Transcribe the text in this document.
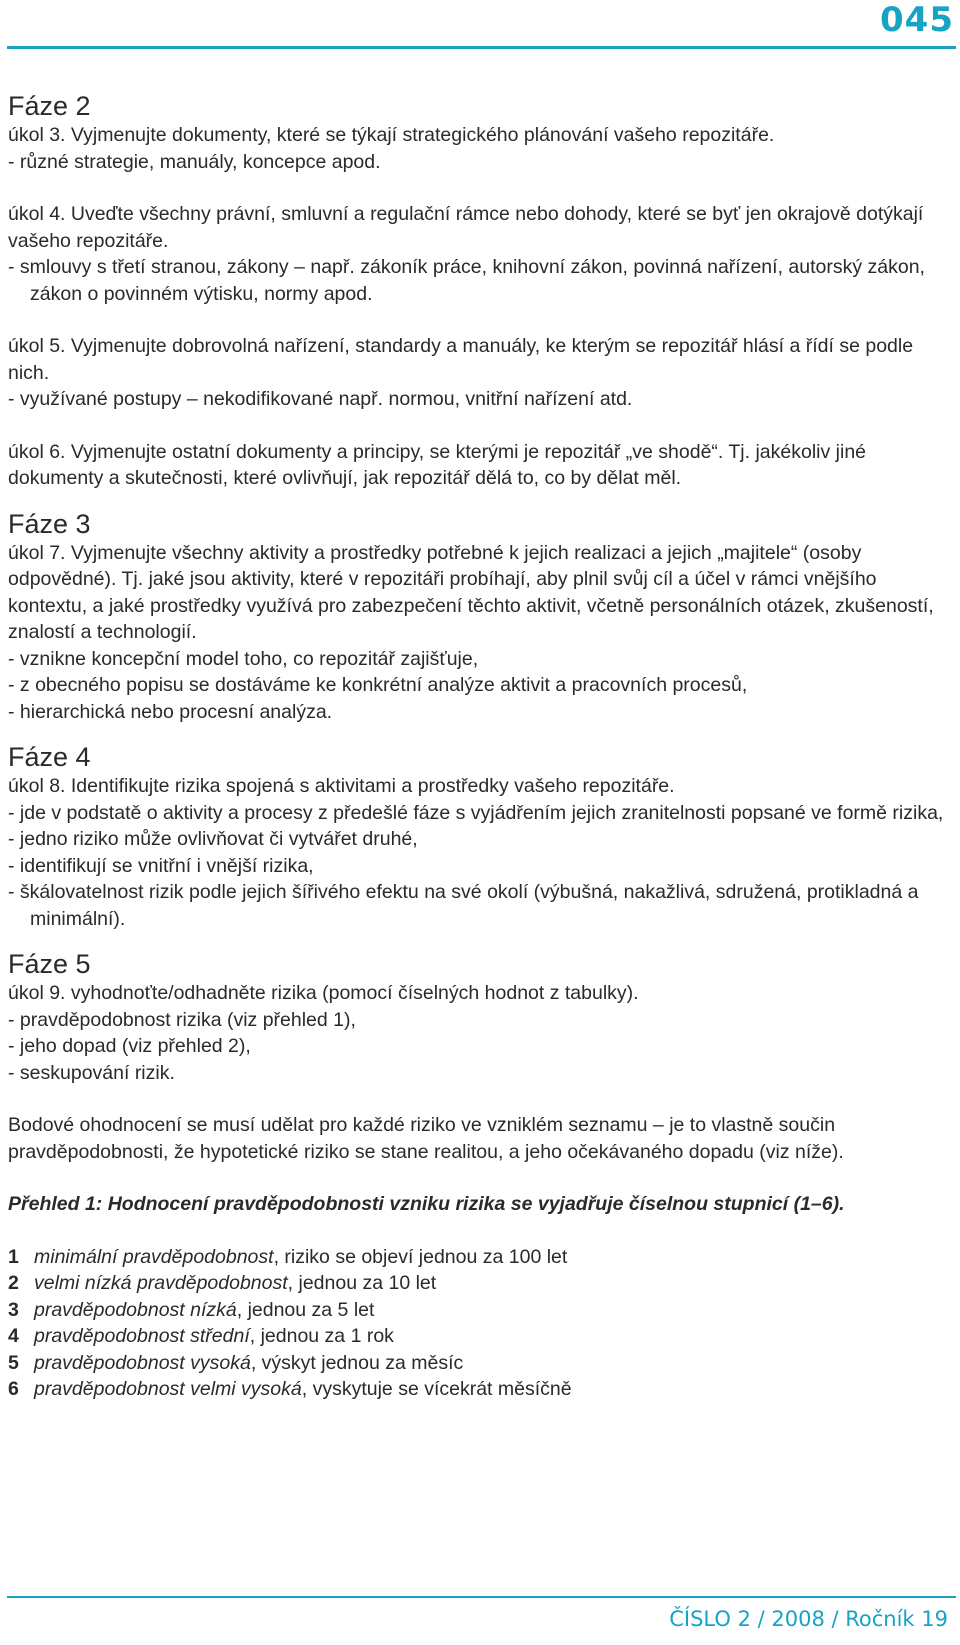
045
Fáze 2

úkol 3. Vyjmenujte dokumenty, které se týkají strategického plánování vašeho repozitáře.

- různé strategie, manuály, koncepce apod.

úkol 4. Uveďte všechny právní, smluvní a regulační rámce nebo dohody, které se byť jen okrajově dotýkají vašeho repozitáře.

- smlouvy s třetí stranou, zákony – např. zákoník práce, knihovní zákon, povinná nařízení, autorský zákon, zákon o povinném výtisku, normy apod.

úkol 5. Vyjmenujte dobrovolná nařízení, standardy a manuály, ke kterým se repozitář hlásí a řídí se podle nich.

- využívané postupy – nekodifikované např. normou, vnitřní nařízení atd.

úkol 6. Vyjmenujte ostatní dokumenty a principy, se kterými je repozitář „ve shodě“. Tj. jakékoliv jiné dokumenty a skutečnosti, které ovlivňují, jak repozitář dělá to, co by dělat měl.

Fáze 3

úkol 7. Vyjmenujte všechny aktivity a prostředky potřebné k jejich realizaci a jejich „majitele“ (osoby odpovědné). Tj. jaké jsou aktivity, které v repozitáři probíhají, aby plnil svůj cíl a účel v rámci vnějšího kontextu, a jaké prostředky využívá pro zabezpečení těchto aktivit, včetně personálních otázek, zkušeností, znalostí a technologií.

- vznikne koncepční model toho, co repozitář zajišťuje,

- z obecného popisu se dostáváme ke konkrétní analýze aktivit a pracovních procesů,

- hierarchická nebo procesní analýza.

Fáze 4

úkol 8. Identifikujte rizika spojená s aktivitami a prostředky vašeho repozitáře.

- jde v podstatě o aktivity a procesy z předešlé fáze s vyjádřením jejich zranitelnosti popsané ve formě rizika,

- jedno riziko může ovlivňovat či vytvářet druhé,

- identifikují se vnitřní i vnější rizika,

- škálovatelnost rizik podle jejich šířivého efektu na své okolí (výbušná, nakažlivá, sdružená, protikladná a minimální).

Fáze 5

úkol 9. vyhodnoťte/odhadněte rizika (pomocí číselných hodnot z tabulky).

- pravděpodobnost rizika (viz přehled 1),

- jeho dopad (viz přehled 2),

- seskupování rizik.

Bodové ohodnocení se musí udělat pro každé riziko ve vzniklém seznamu – je to vlastně součin pravděpodobnosti, že hypotetické riziko se stane realitou, a jeho očekávaného dopadu (viz níže).

Přehled 1: Hodnocení pravděpodobnosti vzniku rizika se vyjadřuje číselnou stupnicí (1–6).

1 minimální pravděpodobnost, riziko se objeví jednou za 100 let

2 velmi nízká pravděpodobnost, jednou za 10 let

3 pravděpodobnost nízká, jednou za 5 let

4 pravděpodobnost střední, jednou za 1 rok

5 pravděpodobnost vysoká, výskyt jednou za měsíc

6 pravděpodobnost velmi vysoká, vyskytuje se vícekrát měsíčně

ČÍSLO 2 / 2008 / Ročník 19
